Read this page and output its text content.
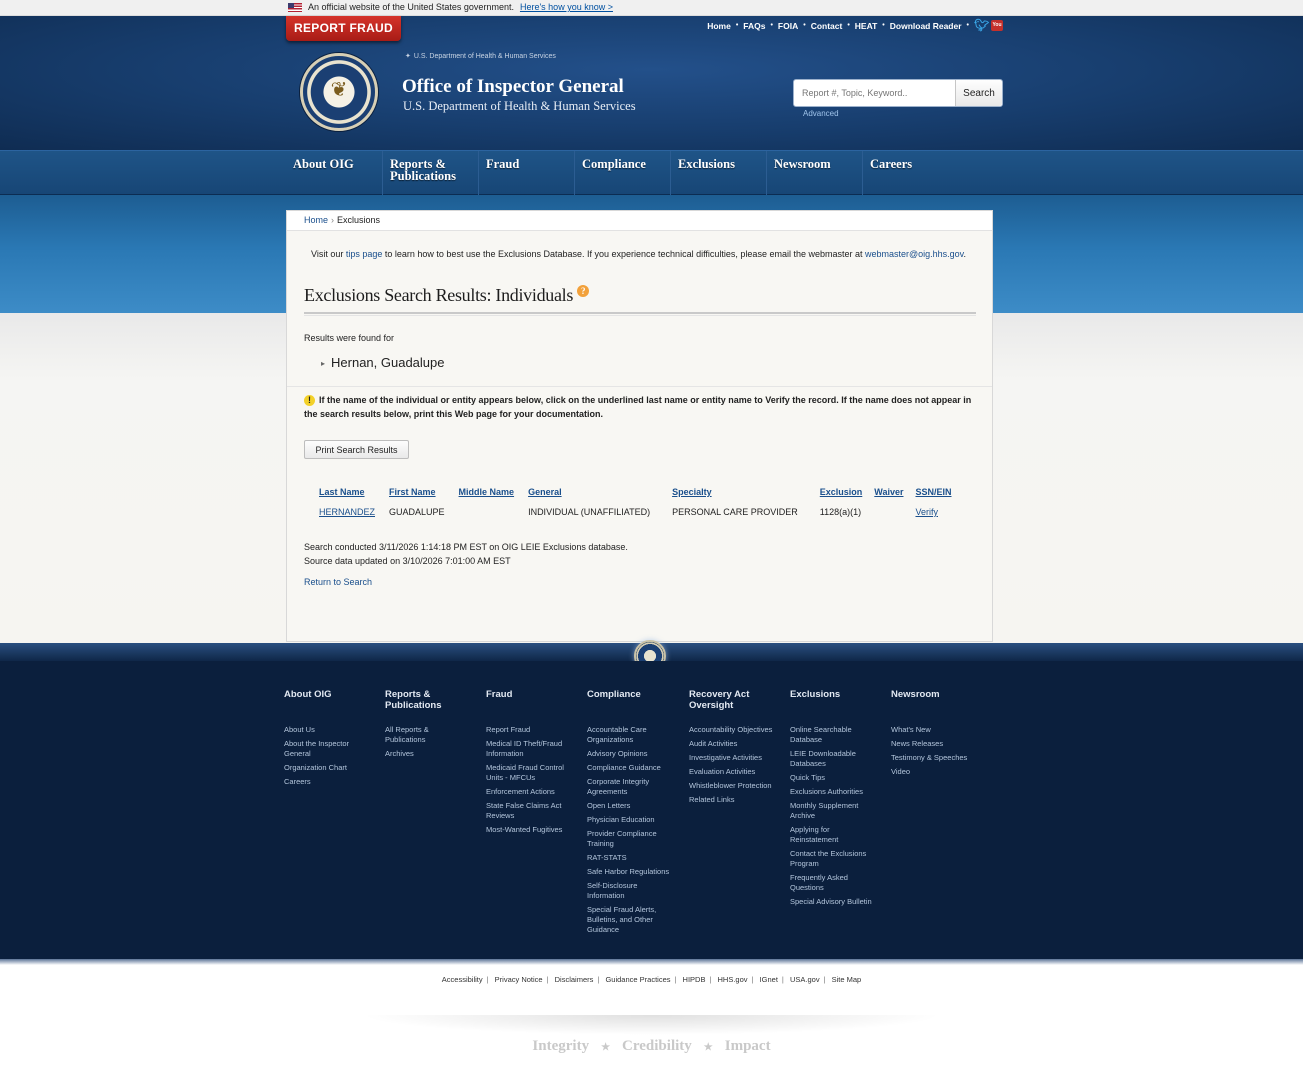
An official website of the United States government. Here's how you know >
REPORT FRAUD	Home • FAQs • FOIA • Contact • HEAT • Download Reader • 🐦︎ You
✦ U.S. Department of Health & Human Services
❦	Office of Inspector General
U.S. Department of Health & Human Services
Report #, Topic, Keyword..
Search
Advanced
About OIG	Reports & Publications
Fraud	Compliance	Exclusions	Newsroom	Careers
Home › Exclusions
Visit our tips page to learn how to best use the Exclusions Database. If you experience technical difficulties, please email the webmaster at webmaster@oig.hhs.gov.
Exclusions Search Results: Individuals ?
Results were found for
▸ Hernan, Guadalupe
! If the name of the individual or entity appears below, click on the underlined last name or entity name to Verify the record. If the name does not appear in the search results below, print this Web page for your documentation.
Print Search Results
Last Name	First Name	Middle Name	General	Specialty	Exclusion	Waiver	SSN/EIN
HERNANDEZ	GUADALUPE		INDIVIDUAL (UNAFFILIATED)	PERSONAL CARE PROVIDER	1128(a)(1)		Verify
Search conducted 3/11/2026 1:14:18 PM EST on OIG LEIE Exclusions database.
Source data updated on 3/10/2026 7:01:00 AM EST
Return to Search
About OIG
About Us
About the Inspector General
Organization Chart
Careers
Reports & Publications
All Reports & Publications
Archives
Fraud
Report Fraud
Medical ID Theft/Fraud Information
Medicaid Fraud Control Units - MFCUs
Enforcement Actions
State False Claims Act Reviews
Most-Wanted Fugitives
Compliance
Accountable Care Organizations
Advisory Opinions
Compliance Guidance
Corporate Integrity Agreements
Open Letters
Physician Education
Provider Compliance Training
RAT-STATS
Safe Harbor Regulations
Self-Disclosure Information
Special Fraud Alerts, Bulletins, and Other Guidance
Recovery Act Oversight
Accountability Objectives
Audit Activities
Investigative Activities
Evaluation Activities
Whistleblower Protection
Related Links
Exclusions
Online Searchable Database
LEIE Downloadable Databases
Quick Tips
Exclusions Authorities
Monthly Supplement Archive
Applying for Reinstatement
Contact the Exclusions Program
Frequently Asked Questions
Special Advisory Bulletin
Newsroom
What's New
News Releases
Testimony & Speeches
Video
Accessibility | Privacy Notice | Disclaimers | Guidance Practices | HIPDB | HHS.gov | IGnet | USA.gov | Site Map
Integrity ★ Credibility ★ Impact
